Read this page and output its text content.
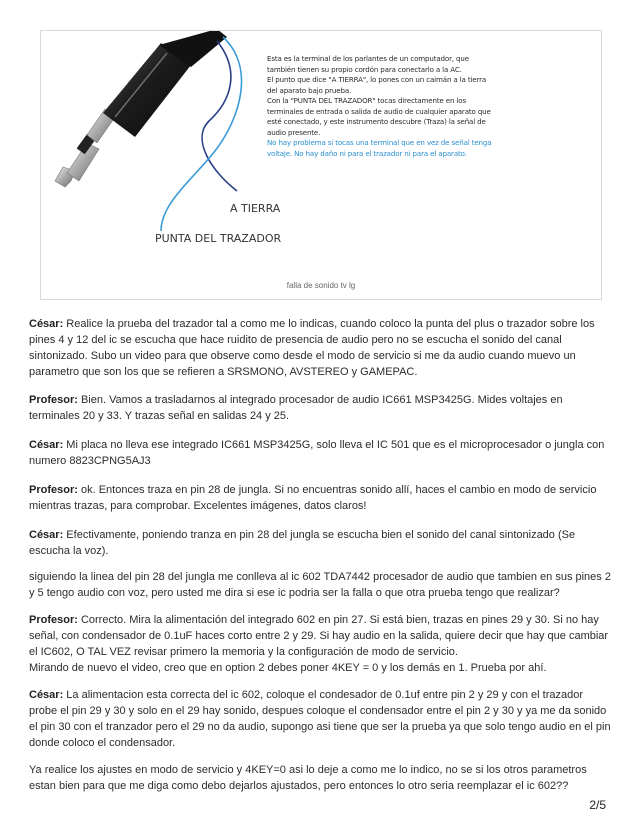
Esta es la terminal de los parlantes de un computador, que
también tienen su propio cordón para conectarlo a la AC.
El punto que dice "A TIERRA", lo pones con un caimán a la tierra
del aparato bajo prueba.
Con la "PUNTA DEL TRAZADOR" tocas directamente en los
terminales de entrada o salida de audio de cualquier aparato que
esté conectado, y este instrumento descubre (Traza) la señal de
audio presente.
No hay problema si tocas una terminal que en vez de señal tenga
voltaje. No hay daño ni para el trazador ni para el aparato.
A TIERRA
PUNTA DEL TRAZADOR
falla de sonido tv lg

César: Realice la prueba del trazador tal a como me lo indicas, cuando coloco la punta del plus o trazador sobre los pines 4 y 12 del ic se escucha que hace ruidito de presencia de audio pero no se escucha el sonido del canal sintonizado. Subo un video para que observe como desde el modo de servicio si me da audio cuando muevo un parametro que son los que se refieren a SRSMONO, AVSTEREO y GAMEPAC.

Profesor: Bien. Vamos a trasladarnos al integrado procesador de audio IC661 MSP3425G. Mides voltajes en terminales 20 y 33. Y trazas señal en salidas 24 y 25.

César: Mi placa no lleva ese integrado IC661 MSP3425G, solo lleva el IC 501 que es el microprocesador o jungla con numero 8823CPNG5AJ3

Profesor: ok. Entonces traza en pin 28 de jungla. Si no encuentras sonido allí, haces el cambio en modo de servicio mientras trazas, para comprobar. Excelentes imágenes, datos claros!

César: Efectivamente, poniendo tranza en pin 28 del jungla se escucha bien el sonido del canal sintonizado (Se escucha la voz).

siguiendo la linea del pin 28 del jungla me conlleva al ic 602 TDA7442 procesador de audio que tambien en sus pines 2 y 5 tengo audio con voz, pero usted me dira si ese ic podria ser la falla o que otra prueba tengo que realizar?

Profesor: Correcto. Mira la alimentación del integrado 602 en pin 27. Si está bien, trazas en pines 29 y 30. Si no hay señal, con condensador de 0.1uF haces corto entre 2 y 29. Si hay audio en la salida, quiere decir que hay que cambiar el IC602, O TAL VEZ revisar primero la memoria y la configuración de modo de servicio.
Mirando de nuevo el video, creo que en option 2 debes poner 4KEY = 0 y los demás en 1. Prueba por ahí.

César: La alimentacion esta correcta del ic 602, coloque el condesador de 0.1uf entre pin 2 y 29 y con el trazador probe el pin 29 y 30 y solo en el 29 hay sonido, despues coloque el condensador entre el pin 2 y 30 y ya me da sonido el pin 30 con el tranzador pero el 29 no da audio, supongo asi tiene que ser la prueba ya que solo tengo audio en el pin donde coloco el condensador.

Ya realice los ajustes en modo de servicio y 4KEY=0 asi lo deje a como me lo indico, no se si los otros parametros estan bien para que me diga como debo dejarlos ajustados, pero entonces lo otro seria reemplazar el ic 602??

2/5
